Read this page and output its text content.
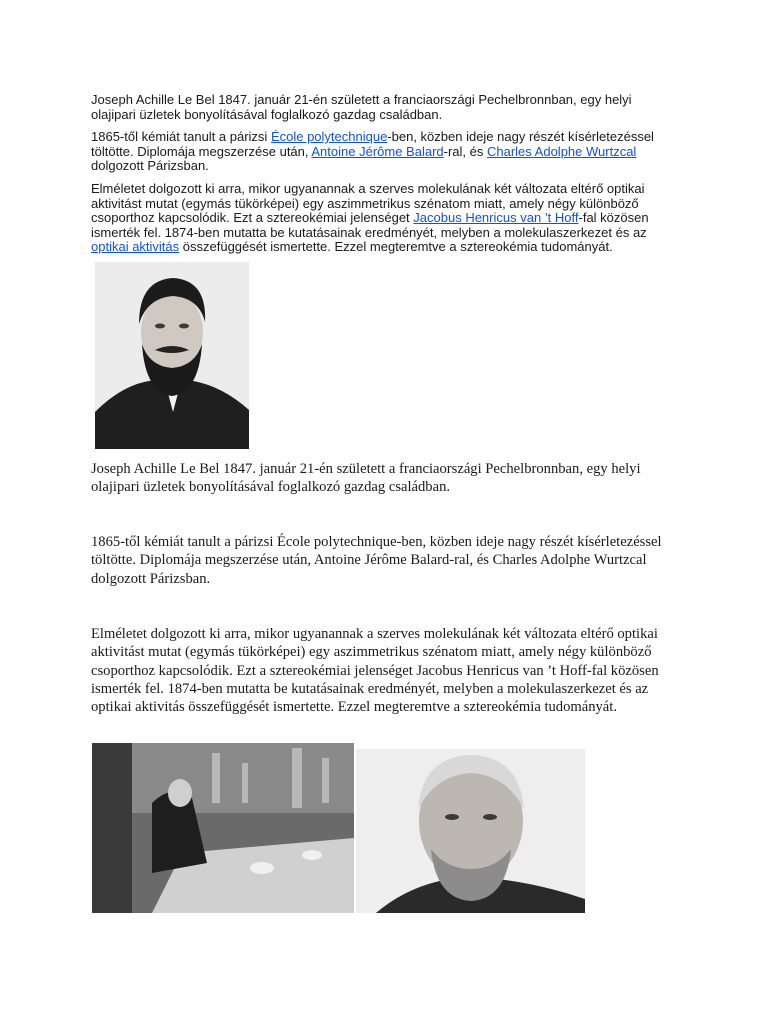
Joseph Achille Le Bel 1847. január 21-én született a franciaországi Pechelbronnban, egy helyi olajipari üzletek bonyolításával foglalkozó gazdag családban.

1865-től kémiát tanult a párizsi École polytechnique-ben, közben ideje nagy részét kísérletezéssel töltötte. Diplomája megszerzése után, Antoine Jérôme Balard-ral, és Charles Adolphe Wurtzcal dolgozott Párizsban.

Elméletet dolgozott ki arra, mikor ugyanannak a szerves molekulának két változata eltérő optikai aktivitást mutat (egymás tükörképei) egy aszimmetrikus szénatom miatt, amely négy különböző csoporthoz kapcsolódik. Ezt a sztereokémiai jelenséget Jacobus Henricus van ’t Hoff-fal közösen ismerték fel. 1874-ben mutatta be kutatásainak eredményét, melyben a molekulaszerkezet és az optikai aktivitás összefüggését ismertette. Ezzel megteremtve a sztereokémia tudományát.

Joseph Achille Le Bel 1847. január 21-én született a franciaországi Pechelbronnban, egy helyi olajipari üzletek bonyolításával foglalkozó gazdag családban.

1865-től kémiát tanult a párizsi École polytechnique-ben, közben ideje nagy részét kísérletezéssel töltötte. Diplomája megszerzése után, Antoine Jérôme Balard-ral, és Charles Adolphe Wurtzcal dolgozott Párizsban.

Elméletet dolgozott ki arra, mikor ugyanannak a szerves molekulának két változata eltérő optikai aktivitást mutat (egymás tükörképei) egy aszimmetrikus szénatom miatt, amely négy különböző csoporthoz kapcsolódik. Ezt a sztereokémiai jelenséget Jacobus Henricus van ’t Hoff-fal közösen ismerték fel. 1874-ben mutatta be kutatásainak eredményét, melyben a molekulaszerkezet és az optikai aktivitás összefüggését ismertette. Ezzel megteremtve a sztereokémia tudományát.
